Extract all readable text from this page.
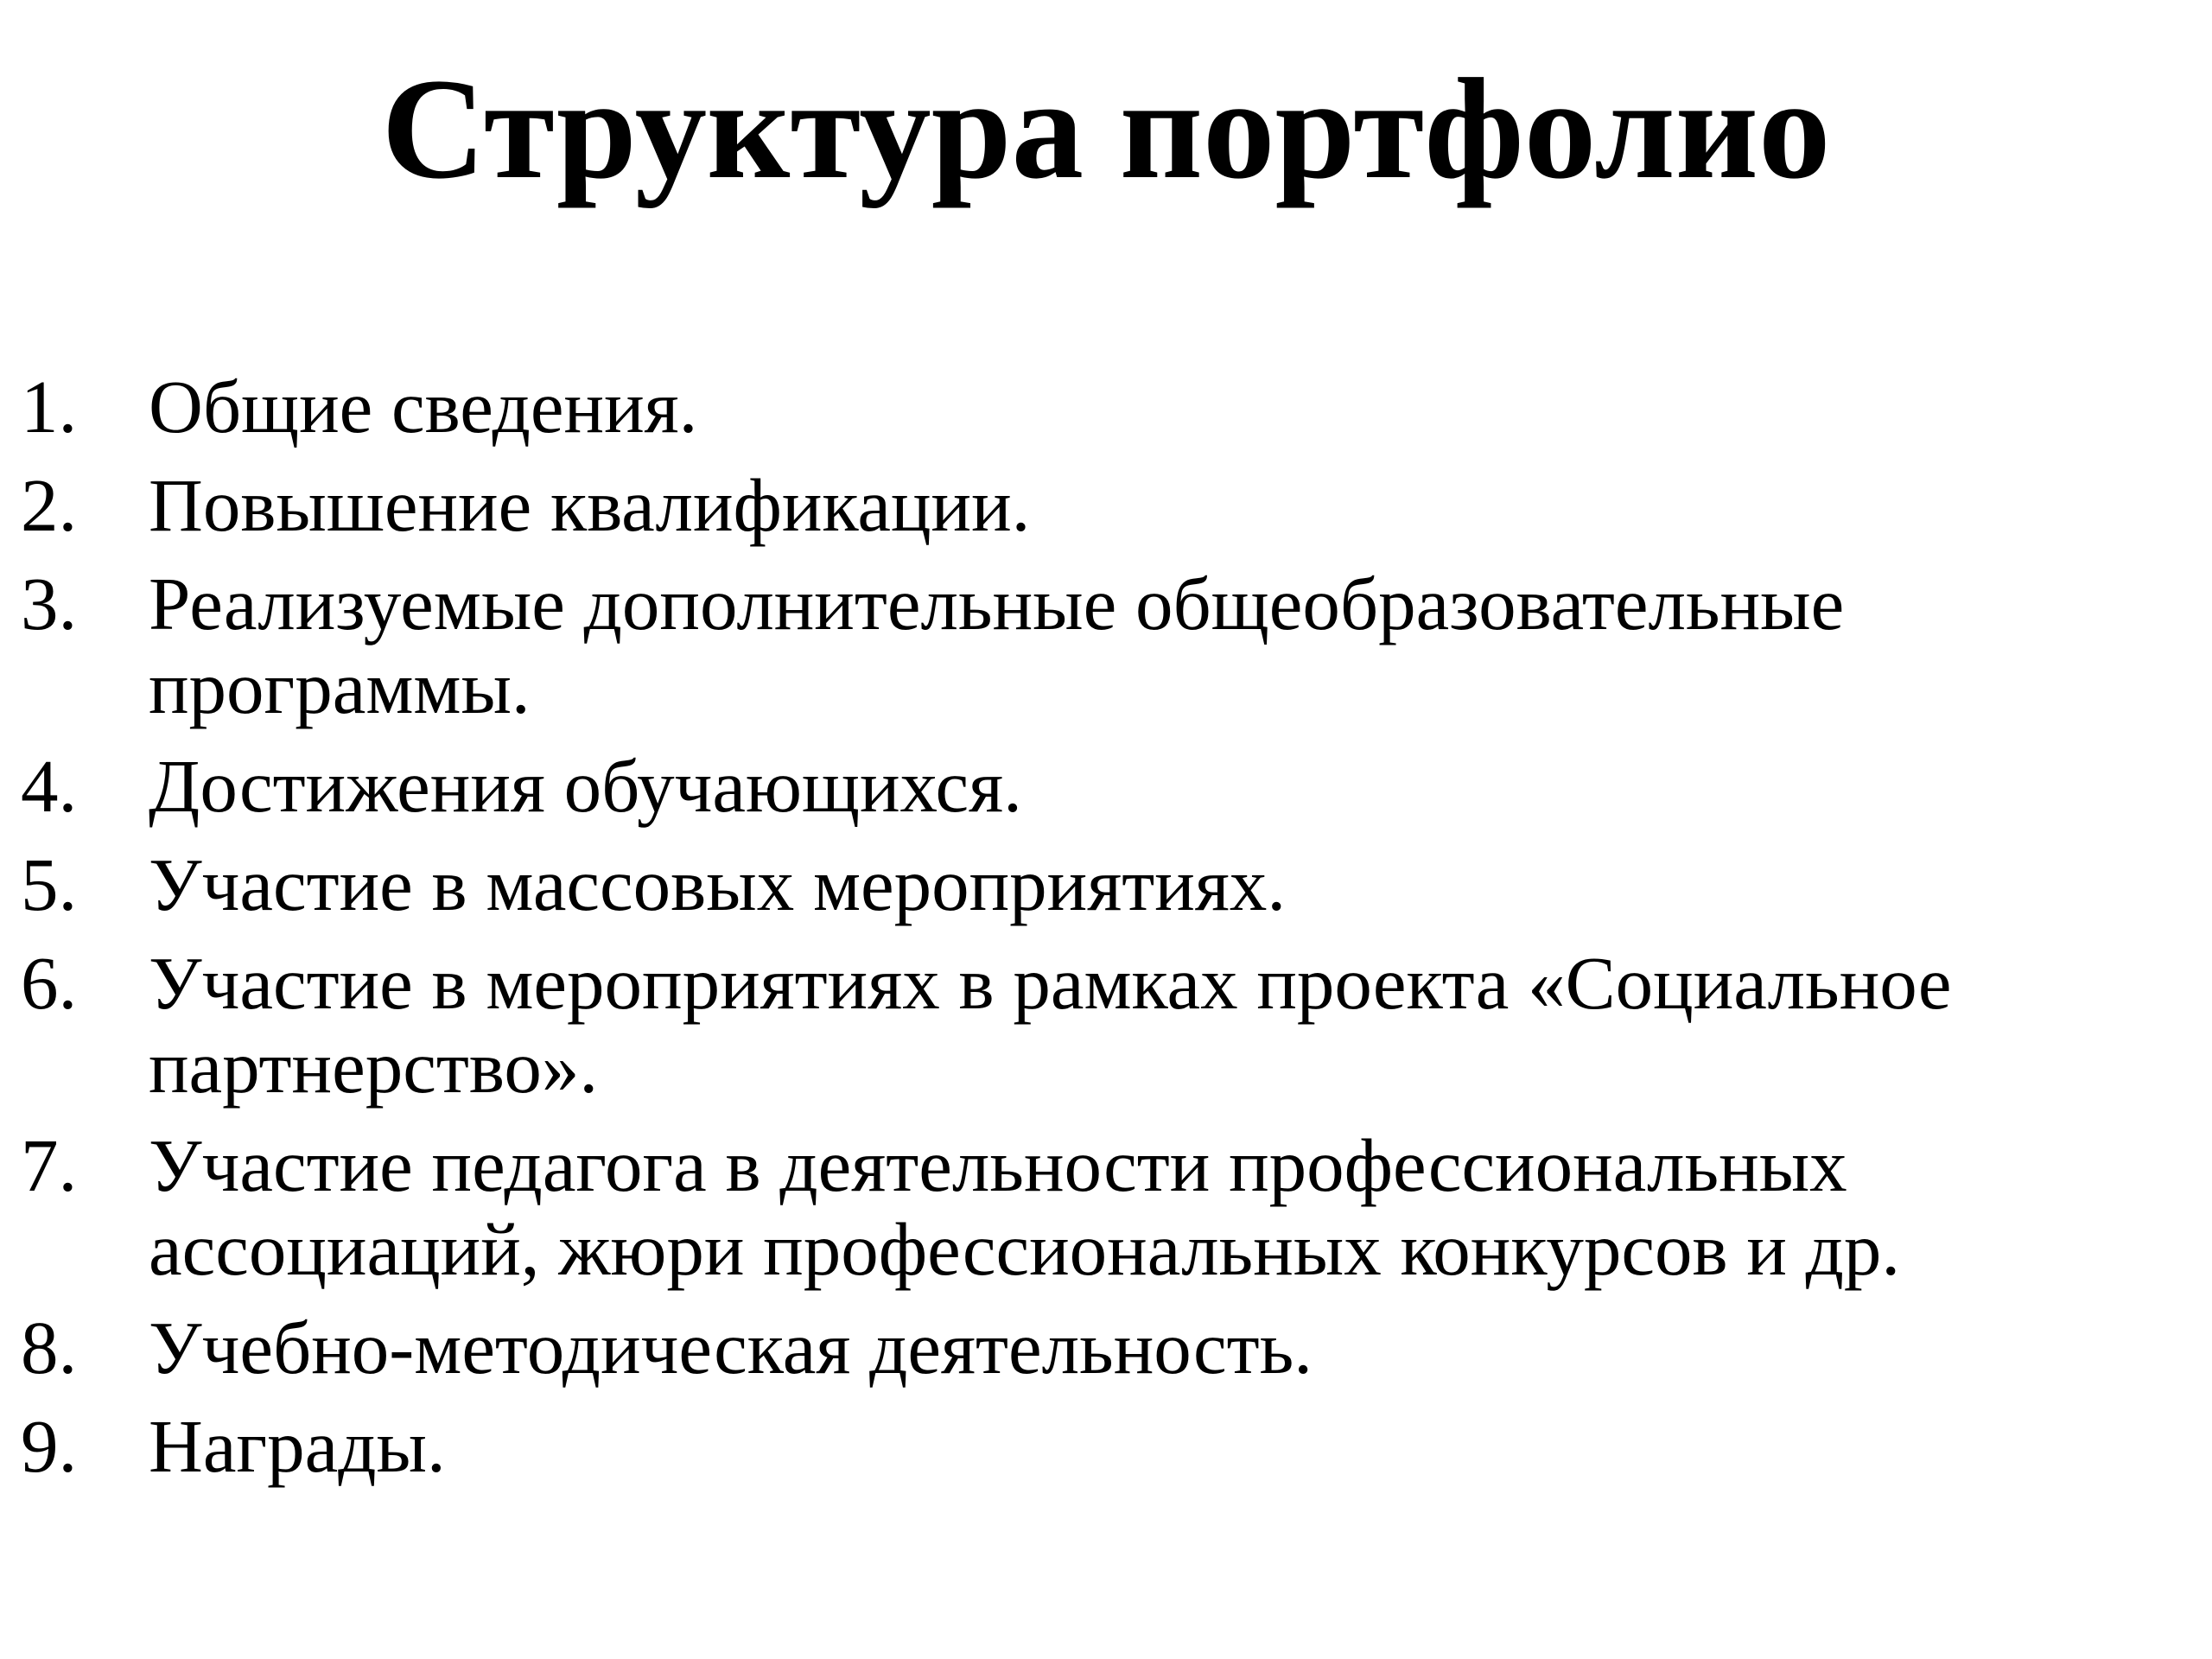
Структура портфолио
1. Общие сведения.
2. Повышение квалификации.
3. Реализуемые дополнительные общеобразовательные программы.
4. Достижения обучающихся.
5. Участие в массовых мероприятиях.
6. Участие в мероприятиях в рамках проекта «Социальное партнерство».
7. Участие педагога в деятельности профессиональных ассоциаций, жюри профессиональных конкурсов и др.
8. Учебно-методическая деятельность.
9. Награды.
